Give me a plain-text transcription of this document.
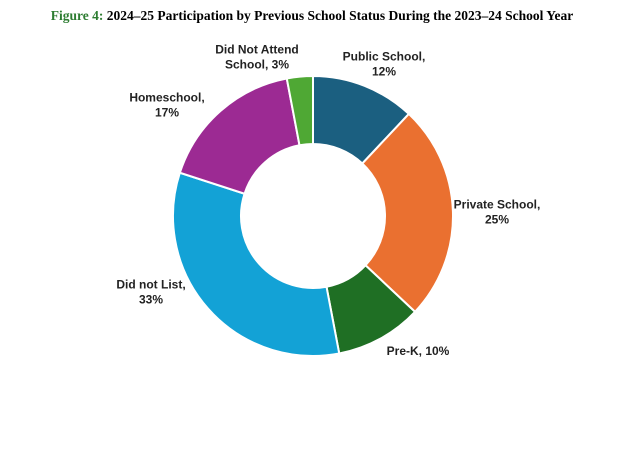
Figure 4: 2024–25 Participation by Previous School Status During the 2023–24 School Year
Public School, 12%
Private School, 25%
Pre-K, 10%
Did not List, 33%
Homeschool, 17%
Did Not Attend School, 3%
